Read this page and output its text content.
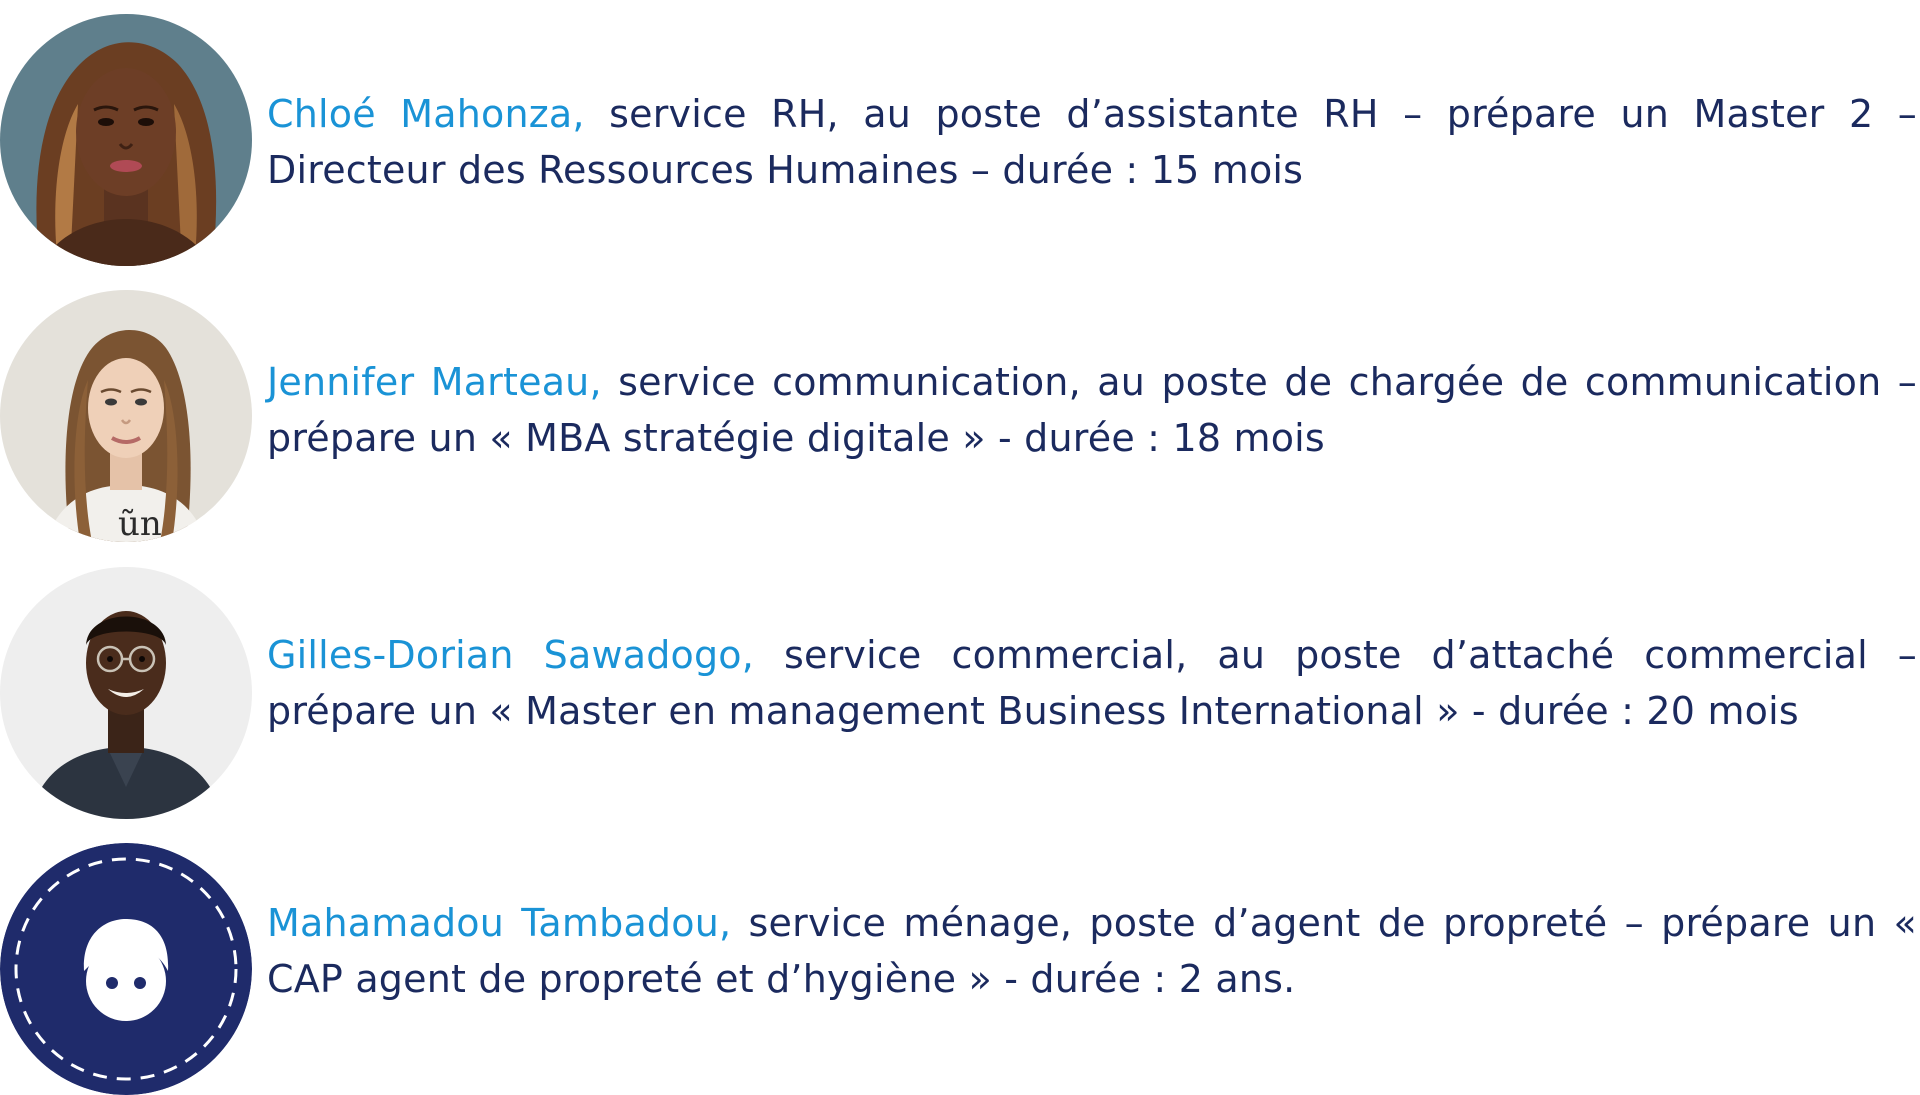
Chloé Mahonza, service RH, au poste d’assistante RH – prépare un Master 2 – Directeur des Ressources Humaines – durée : 15 mois
ũn
Jennifer Marteau, service communication, au poste de chargée de communication – prépare un « MBA stratégie digitale » - durée : 18 mois
Gilles-Dorian Sawadogo, service commercial, au poste d’attaché commercial – prépare un « Master en management Business International » - durée : 20 mois
Mahamadou Tambadou, service ménage, poste d’agent de propreté – prépare un « CAP agent de propreté et d’hygiène » - durée : 2 ans.
